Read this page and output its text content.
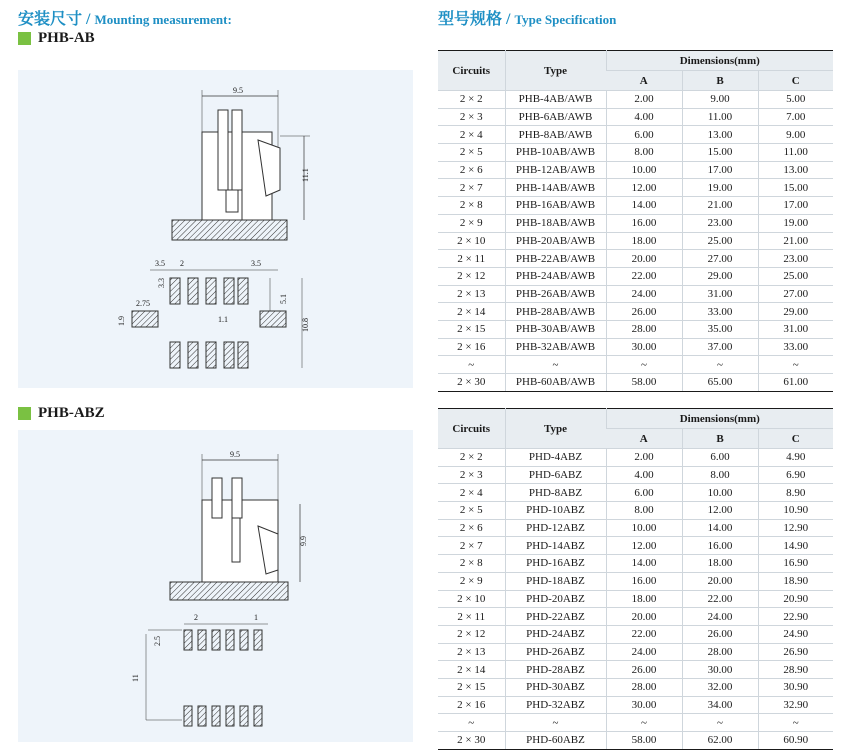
安装尺寸 / Mounting measurement:	型号规格 / Type Specification
PHB-AB
9.5
11.1
3.5 2	3.5
3.3
2.75
1.9	1.1
5.1
10.8
PHB-ABZ
9.5
9.9
2	1
2.5
11
Circuits	Type	Dimensions(mm)		
		A	B	C
2 × 2	PHB-4AB/AWB	2.00	9.00	5.00
2 × 3	PHB-6AB/AWB	4.00	11.00	7.00
2 × 4	PHB-8AB/AWB	6.00	13.00	9.00
2 × 5	PHB-10AB/AWB	8.00	15.00	11.00
2 × 6	PHB-12AB/AWB	10.00	17.00	13.00
2 × 7	PHB-14AB/AWB	12.00	19.00	15.00
2 × 8	PHB-16AB/AWB	14.00	21.00	17.00
2 × 9	PHB-18AB/AWB	16.00	23.00	19.00
2 × 10	PHB-20AB/AWB	18.00	25.00	21.00
2 × 11	PHB-22AB/AWB	20.00	27.00	23.00
2 × 12	PHB-24AB/AWB	22.00	29.00	25.00
2 × 13	PHB-26AB/AWB	24.00	31.00	27.00
2 × 14	PHB-28AB/AWB	26.00	33.00	29.00
2 × 15	PHB-30AB/AWB	28.00	35.00	31.00
2 × 16	PHB-32AB/AWB	30.00	37.00	33.00
~	~	~	~	~
2 × 30	PHB-60AB/AWB	58.00	65.00	61.00
Circuits	Type	Dimensions(mm)		
		A	B	C
2 × 2	PHD-4ABZ	2.00	6.00	4.90
2 × 3	PHD-6ABZ	4.00	8.00	6.90
2 × 4	PHD-8ABZ	6.00	10.00	8.90
2 × 5	PHD-10ABZ	8.00	12.00	10.90
2 × 6	PHD-12ABZ	10.00	14.00	12.90
2 × 7	PHD-14ABZ	12.00	16.00	14.90
2 × 8	PHD-16ABZ	14.00	18.00	16.90
2 × 9	PHD-18ABZ	16.00	20.00	18.90
2 × 10	PHD-20ABZ	18.00	22.00	20.90
2 × 11	PHD-22ABZ	20.00	24.00	22.90
2 × 12	PHD-24ABZ	22.00	26.00	24.90
2 × 13	PHD-26ABZ	24.00	28.00	26.90
2 × 14	PHD-28ABZ	26.00	30.00	28.90
2 × 15	PHD-30ABZ	28.00	32.00	30.90
2 × 16	PHD-32ABZ	30.00	34.00	32.90
~	~	~	~	~
2 × 30	PHD-60ABZ	58.00	62.00	60.90
